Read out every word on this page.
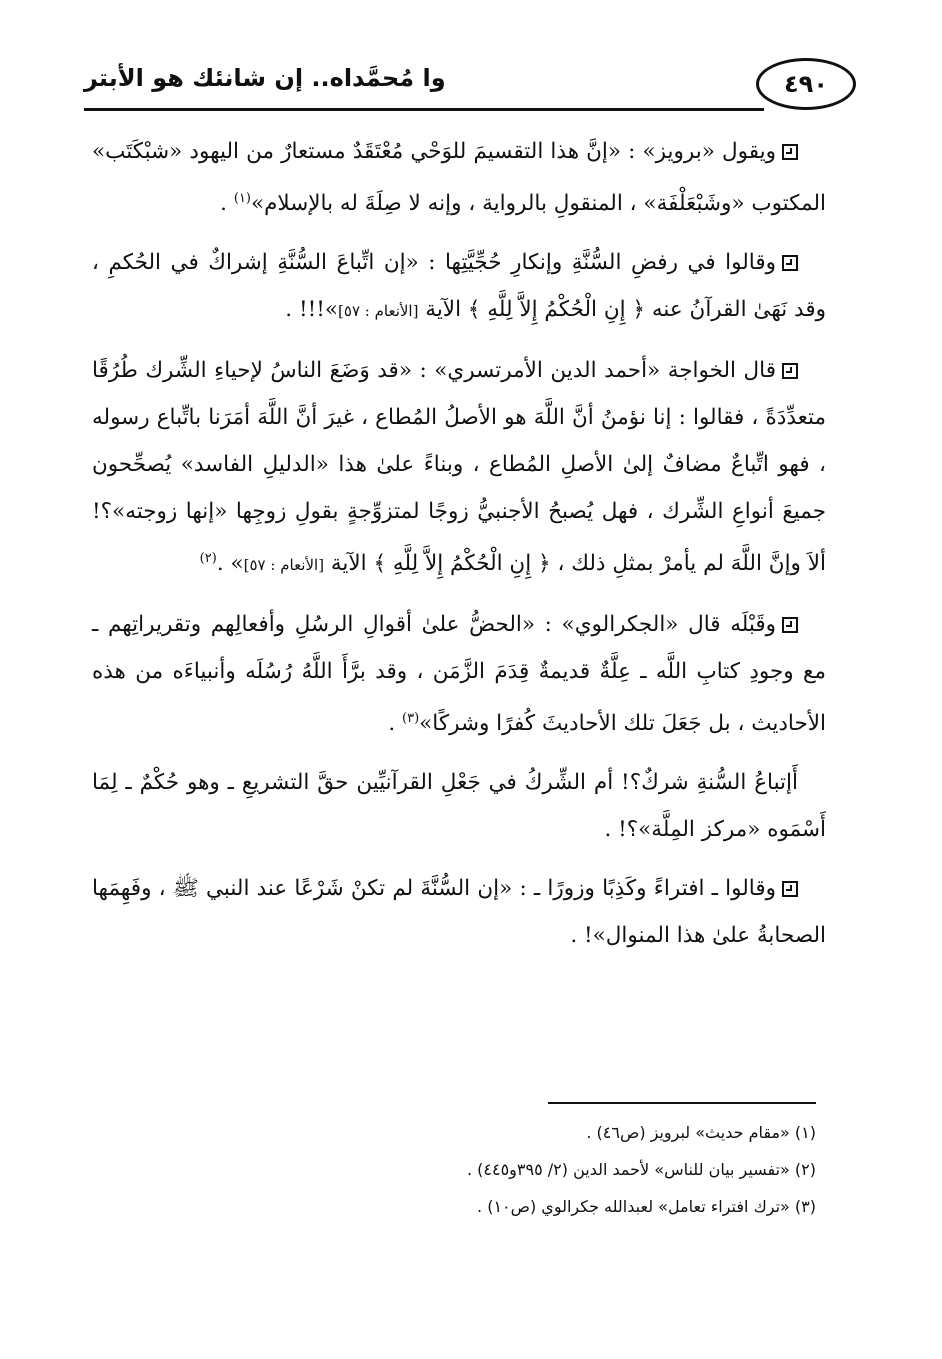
٤٩٠
وا مُحمَّداه.. إن شانئك هو الأبتر

ويقول «برويز» : «إنَّ هذا التقسيمَ للوَحْي مُعْتَقَدٌ مستعارٌ من اليهود «شبْكَتَب» المكتوب «وشَبْعَلْفَة» ، المنقولِ بالرواية ، وإنه لا صِلَةَ له بالإسلام»$^{(١)}$ .

وقالوا في رفضِ السُّنَّةِ وإنكارِ حُجِّيَّتِها : «إن اتِّباعَ السُّنَّةِ إشراكٌ في الحُكمِ ، وقد نَهَىٰ القرآنُ عنه ﴿ إِنِ الْحُكْمُ إِلاَّ لِلَّهِ ﴾ الآية [الأنعام : ٥٧]»!!! .

قال الخواجة «أحمد الدين الأمرتسري» : «قد وَضَعَ الناسُ لإحياءِ الشِّرك طُرُقًا متعدِّدَةً ، فقالوا : إنا نؤمنُ أنَّ اللَّهَ هو الأصلُ المُطاع ، غيرَ أنَّ اللَّهَ أمَرَنا باتِّباع رسوله ، فهو اتِّباعٌ مضافٌ إلىٰ الأصلِ المُطاع ، وبناءً علىٰ هذا «الدليلِ الفاسد» يُصحِّحون جميعَ أنواعِ الشِّرك ، فهل يُصبحُ الأجنبيُّ زوجًا لمتزوِّجةٍ بقولِ زوجِها «إنها زوجته»؟! ألاَ وإنَّ اللَّهَ لم يأمرْ بمثلِ ذلك ، ﴿ إِنِ الْحُكْمُ إِلاَّ لِلَّهِ ﴾ الآية [الأنعام : ٥٧]» .$^{(٢)}$

وقَبْلَه قال «الجكرالوي» : «الحضُّ علىٰ أقوالِ الرسُلِ وأفعالِهم وتقريراتِهم ـ مع وجودِ كتابِ اللَّه ـ عِلَّةٌ قديمةٌ قِدَمَ الزَّمَن ، وقد برَّأَ اللَّهُ رُسُلَه وأنبياءَه من هذه الأحاديث ، بل جَعَلَ تلك الأحاديثَ كُفرًا وشركًا»$^{(٣)}$ .

أَإتباعُ السُّنةِ شركٌ؟! أم الشِّركُ في جَعْلِ القرآنيِّين حقَّ التشريعِ ـ وهو حُكْمٌ ـ لِمَا أَسْمَوه «مركز المِلَّة»؟! .

وقالوا ـ افتراءً وكَذِبًا وزورًا ـ : «إن السُّنَّةَ لم تكنْ شَرْعًا عند النبي ﷺ ، وفَهِمَها الصحابةُ علىٰ هذا المنوال»! .

(١) «مقام حديث» لبرويز (ص٤٦) .
(٢) «تفسير بيان للناس» لأحمد الدين (٢/ ٣٩٥و٤٤٥) .
(٣) «ترك افتراء تعامل» لعبدالله جكرالوي (ص١٠) .
